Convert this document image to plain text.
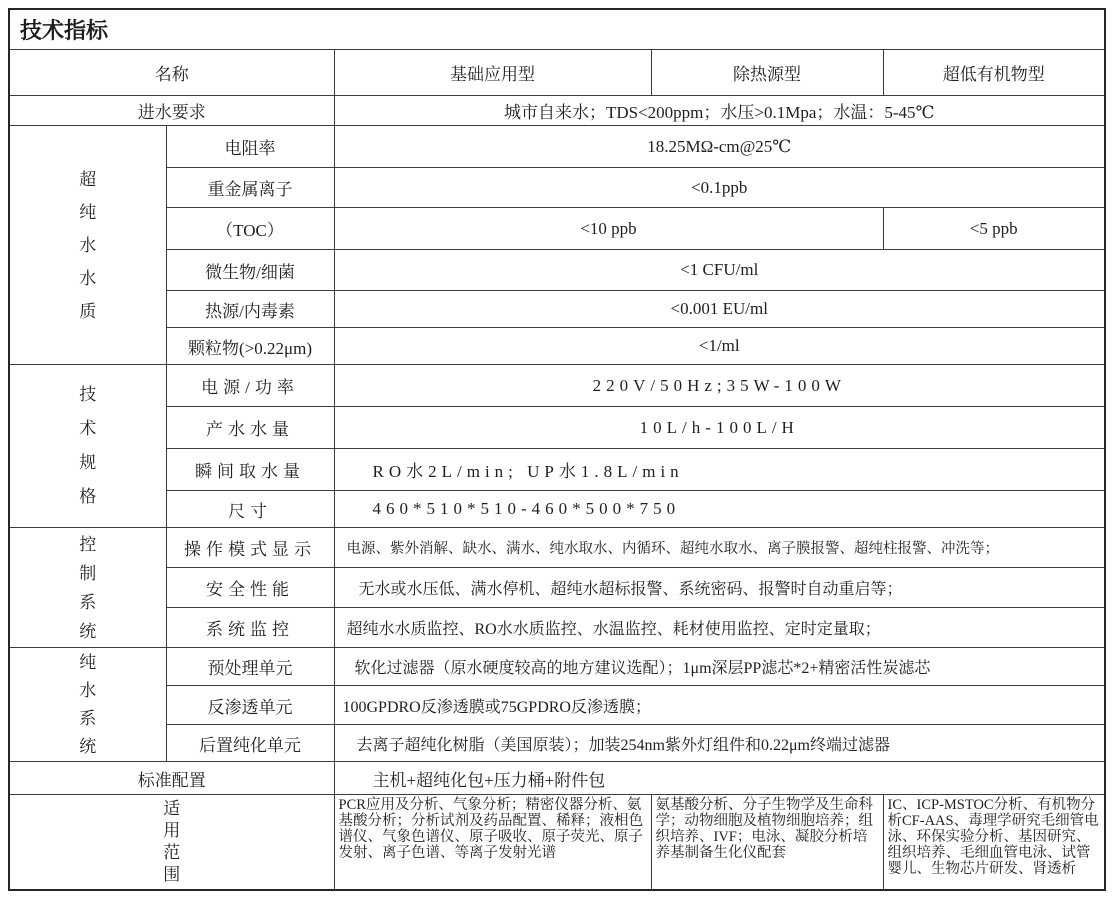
技术指标				
名称		基础应用型	除热源型	超低有机物型
进水要求		城市自来水；TDS<200ppm；水压>0.1Mpa；水温：5-45℃		
超纯水水质	电阻率	18.25MΩ-cm@25℃		
	重金属离子	<0.1ppb		
	（TOC）	<10 ppb		<5 ppb
	微生物/细菌	<1 CFU/ml		
	热源/内毒素	<0.001 EU/ml		
	颗粒物(>0.22μm)	<1/ml		
技术规格	电源/功率	220V/50Hz;35W-100W		
	产水水量	10L/h-100L/H		
	瞬间取水量	RO水2L/min; UP水1.8L/min		
	尺寸	460*510*510-460*500*750		
控制系统	操作模式显示	电源、紫外消解、缺水、满水、纯水取水、内循环、超纯水取水、离子膜报警、超纯柱报警、冲洗等；		
	安全性能	无水或水压低、满水停机、超纯水超标报警、系统密码、报警时自动重启等；		
	系统监控	超纯水水质监控、RO水水质监控、水温监控、耗材使用监控、定时定量取；		
纯水系统	预处理单元	软化过滤器（原水硬度较高的地方建议选配）；1μm深层PP滤芯*2+精密活性炭滤芯		
	反渗透单元	100GPDRO反渗透膜或75GPDRO反渗透膜；		
	后置纯化单元	去离子超纯化树脂（美国原装）；加装254nm紫外灯组件和0.22μm终端过滤器		
标准配置		主机+超纯化包+压力桶+附件包		
适用范围		PCR应用及分析、气象分析；精密仪器分析、氨基酸分析；分析试剂及药品配置、稀释；液相色谱仪、气象色谱仪、原子吸收、原子荧光、原子发射、离子色谱、等离子发射光谱	氨基酸分析、分子生物学及生命科学；动物细胞及植物细胞培养；组织培养、IVF；电泳、凝胶分析培养基制备生化仪配套	IC、ICP-MSTOC分析、有机物分析CF-AAS、毒理学研究毛细管电泳、环保实验分析、基因研究、组织培养、毛细血管电泳、试管婴儿、生物芯片研发、肾透析
